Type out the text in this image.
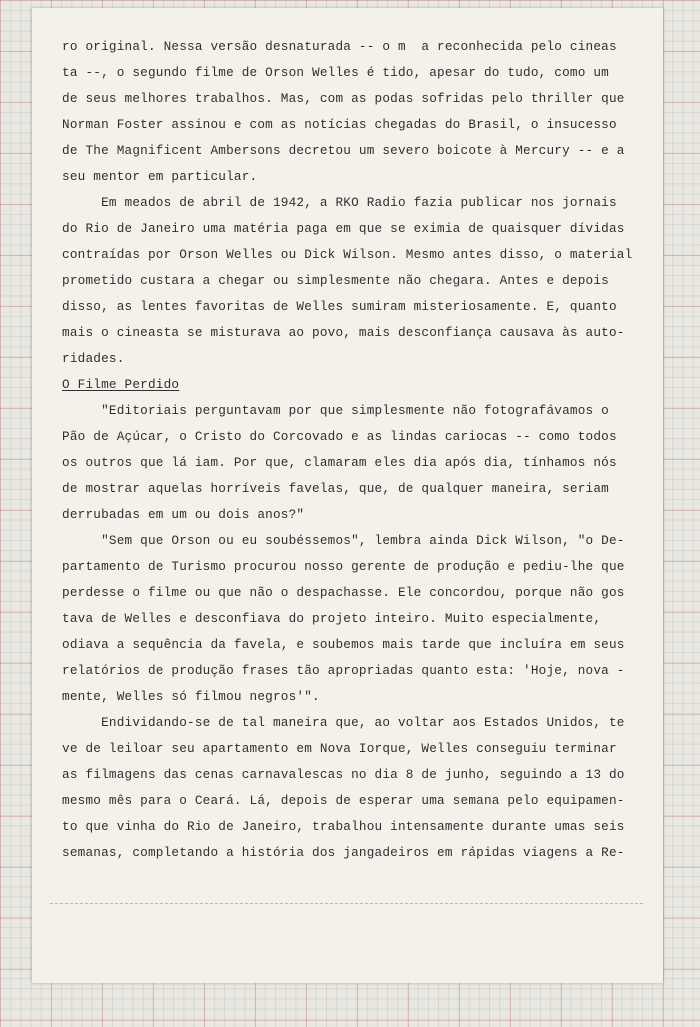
ro original. Nessa versão desnaturada -- o m  a reconhecida pelo cineas
ta --, o segundo filme de Orson Welles é tido, apesar do tudo, como um
de seus melhores trabalhos. Mas, com as podas sofridas pelo thriller que
Norman Foster assinou e com as notícias chegadas do Brasil, o insucesso
de The Magnificent Ambersons decretou um severo boicote à Mercury -- e a
seu mentor em particular.
Em meados de abril de 1942, a RKO Radio fazia publicar nos jornais
do Rio de Janeiro uma matéria paga em que se eximia de quaisquer dívidas
contraídas por Orson Welles ou Dick Wilson. Mesmo antes disso, o material
prometido custara a chegar ou simplesmente não chegara. Antes e depois
disso, as lentes favoritas de Welles sumiram misteriosamente. E, quanto
mais o cineasta se misturava ao povo, mais desconfiança causava às auto-
ridades.
O Filme Perdido
"Editoriais perguntavam por que simplesmente não fotografávamos o
Pão de Açúcar, o Cristo do Corcovado e as lindas cariocas -- como todos
os outros que lá iam. Por que, clamaram eles dia após dia, tínhamos nós
de mostrar aquelas horríveis favelas, que, de qualquer maneira, seriam
derrubadas em um ou dois anos?"
"Sem que Orson ou eu soubéssemos", lembra ainda Dick Wilson, "o De-
partamento de Turismo procurou nosso gerente de produção e pediu-lhe que
perdesse o filme ou que não o despachasse. Ele concordou, porque não gos
tava de Welles e desconfiava do projeto inteiro. Muito especialmente,
odiava a sequência da favela, e soubemos mais tarde que incluíra em seus
relatórios de produção frases tão apropriadas quanto esta: 'Hoje, nova -
mente, Welles só filmou negros'".
Endividando-se de tal maneira que, ao voltar aos Estados Unidos, te
ve de leiloar seu apartamento em Nova Iorque, Welles conseguiu terminar
as filmagens das cenas carnavalescas no dia 8 de junho, seguindo a 13 do
mesmo mês para o Ceará. Lá, depois de esperar uma semana pelo equipamen-
to que vinha do Rio de Janeiro, trabalhou intensamente durante umas seis
semanas, completando a história dos jangadeiros em rápidas viagens a Re-
